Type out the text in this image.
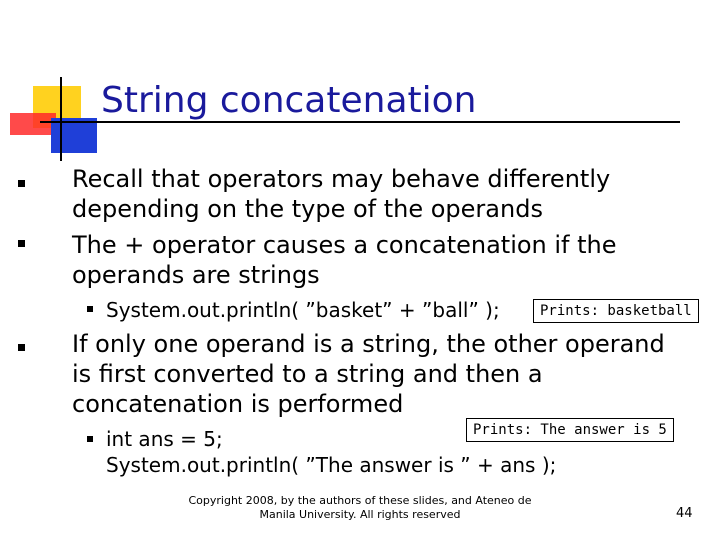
String concatenation
Recall that operators may behave differently
depending on the type of the operands
The + operator causes a concatenation if the
operands are strings
System.out.println( ”basket” + ”ball” );	Prints: basketball
If only one operand is a string, the other operand
is first converted to a string and then a
concatenation is performed
Prints: The answer is 5
int ans = 5;
System.out.println( ”The answer is ” + ans );
Copyright 2008, by the authors of these slides, and Ateneo de
Manila University. All rights reserved	44
